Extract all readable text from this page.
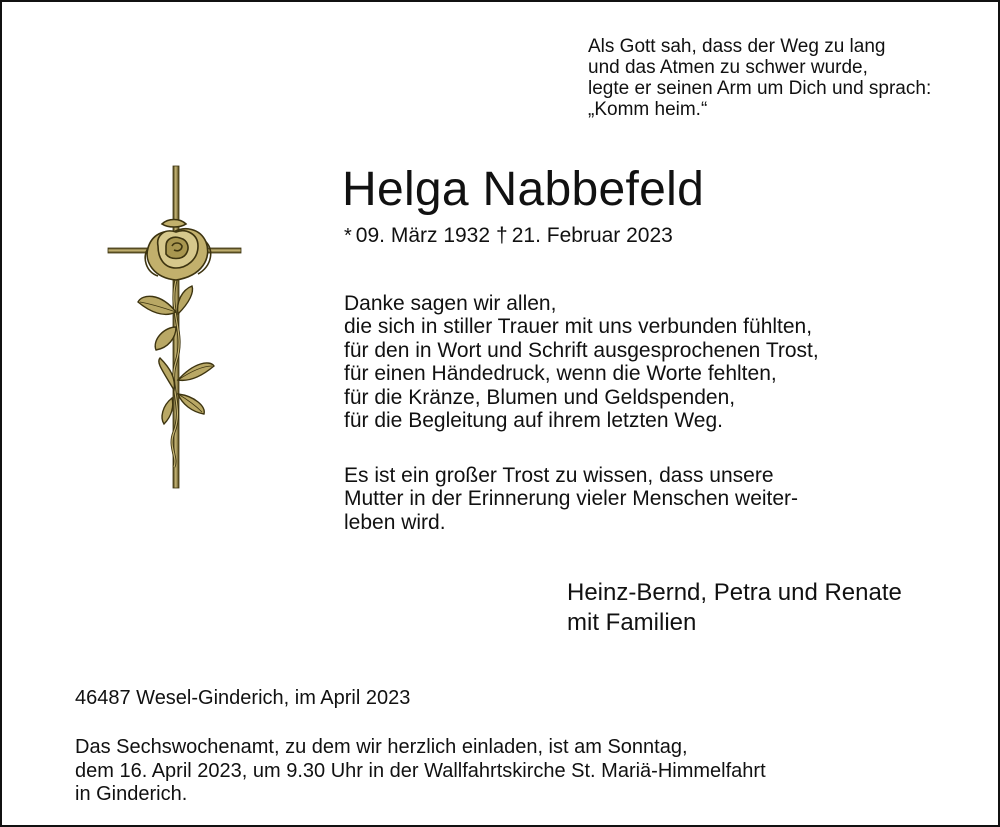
Als Gott sah, dass der Weg zu lang
und das Atmen zu schwer wurde,
legte er seinen Arm um Dich und sprach:
„Komm heim.“
Helga Nabbefeld
* 09. März 1932 † 21. Februar 2023
Danke sagen wir allen,
die sich in stiller Trauer mit uns verbunden fühlten,
für den in Wort und Schrift ausgesprochenen Trost,
für einen Händedruck, wenn die Worte fehlten,
für die Kränze, Blumen und Geldspenden,
für die Begleitung auf ihrem letzten Weg.
Es ist ein großer Trost zu wissen, dass unsere
Mutter in der Erinnerung vieler Menschen weiter-
leben wird.
Heinz-Bernd, Petra und Renate
mit Familien
46487 Wesel-Ginderich, im April 2023
Das Sechswochenamt, zu dem wir herzlich einladen, ist am Sonntag,
dem 16. April 2023, um 9.30 Uhr in der Wallfahrtskirche St. Mariä-Himmelfahrt
in Ginderich.
